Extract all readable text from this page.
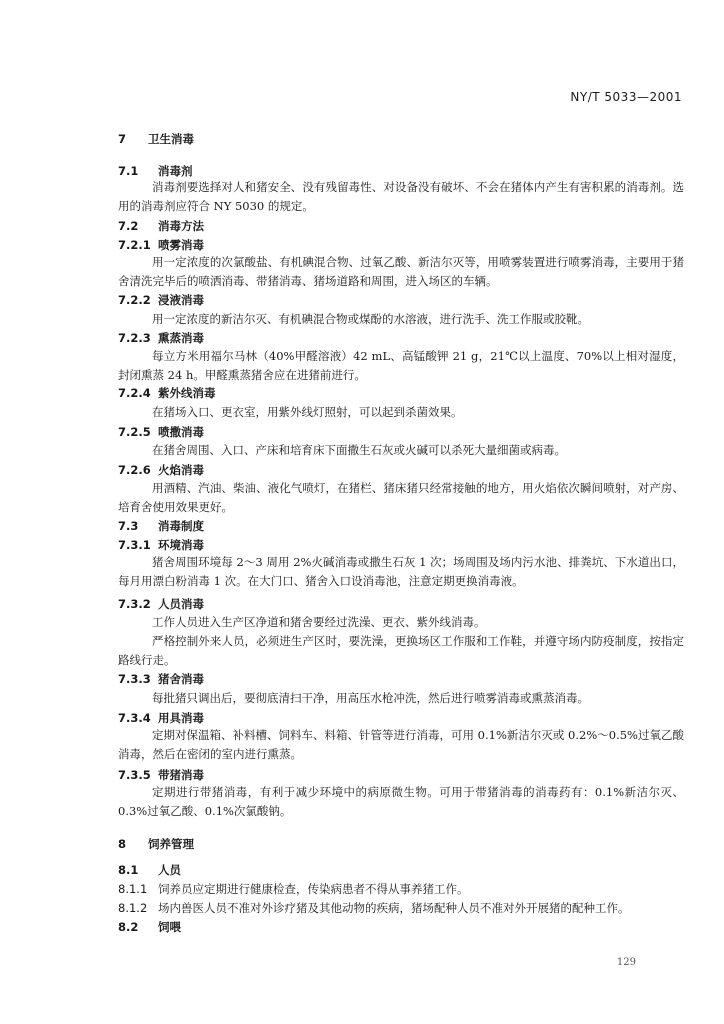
NY/T 5033—2001
7 卫生消毒
7.1 消毒剂
消毒剂要选择对人和猪安全、没有残留毒性、对设备没有破坏、不会在猪体内产生有害积累的消毒剂。选用的消毒剂应符合 NY 5030 的规定。
7.2 消毒方法
7.2.1 喷雾消毒
用一定浓度的次氯酸盐、有机碘混合物、过氧乙酸、新洁尔灭等，用喷雾装置进行喷雾消毒，主要用于猪舍清洗完毕后的喷洒消毒、带猪消毒、猪场道路和周围，进入场区的车辆。
7.2.2 浸液消毒
用一定浓度的新洁尔灭、有机碘混合物或煤酚的水溶液，进行洗手、洗工作服或胶靴。
7.2.3 熏蒸消毒
每立方米用福尔马林（40%甲醛溶液）42 mL、高锰酸钾 21 g，21℃以上温度、70%以上相对湿度，封闭熏蒸 24 h。甲醛熏蒸猪舍应在进猪前进行。
7.2.4 紫外线消毒
在猪场入口、更衣室，用紫外线灯照射，可以起到杀菌效果。
7.2.5 喷撒消毒
在猪舍周围、入口、产床和培育床下面撒生石灰或火碱可以杀死大量细菌或病毒。
7.2.6 火焰消毒
用酒精、汽油、柴油、液化气喷灯，在猪栏、猪床猪只经常接触的地方，用火焰依次瞬间喷射，对产房、培育舍使用效果更好。
7.3 消毒制度
7.3.1 环境消毒
猪舍周围环境每 2～3 周用 2%火碱消毒或撒生石灰 1 次；场周围及场内污水池、排粪坑、下水道出口，每月用漂白粉消毒 1 次。在大门口、猪舍入口设消毒池，注意定期更换消毒液。
7.3.2 人员消毒
工作人员进入生产区净道和猪舍要经过洗澡、更衣、紫外线消毒。
严格控制外来人员，必须进生产区时，要洗澡，更换场区工作服和工作鞋，并遵守场内防疫制度，按指定路线行走。
7.3.3 猪舍消毒
每批猪只调出后，要彻底清扫干净，用高压水枪冲洗，然后进行喷雾消毒或熏蒸消毒。
7.3.4 用具消毒
定期对保温箱、补料槽、饲料车、料箱、针管等进行消毒，可用 0.1%新洁尔灭或 0.2%～0.5%过氧乙酸消毒，然后在密闭的室内进行熏蒸。
7.3.5 带猪消毒
定期进行带猪消毒，有利于减少环境中的病原微生物。可用于带猪消毒的消毒药有：0.1%新洁尔灭、0.3%过氧乙酸、0.1%次氯酸钠。
8 饲养管理
8.1 人员
8.1.1 饲养员应定期进行健康检查，传染病患者不得从事养猪工作。
8.1.2 场内兽医人员不准对外诊疗猪及其他动物的疾病，猪场配种人员不准对外开展猪的配种工作。
8.2 饲喂
129
